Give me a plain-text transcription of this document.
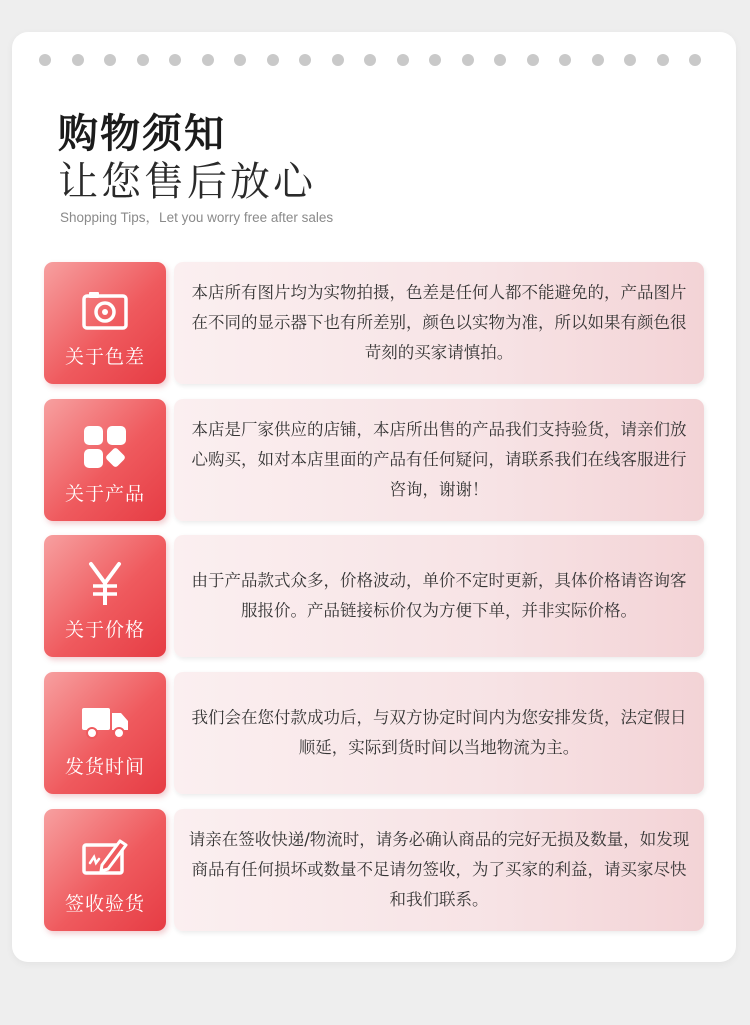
购物须知
让您售后放心
Shopping Tips，Let you worry free after sales
关于色差

本店所有图片均为实物拍摄，色差是任何人都不能避免的，产品图片在不同的显示器下也有所差别，颜色以实物为准，所以如果有颜色很苛刻的买家请慎拍。

关于产品

本店是厂家供应的店铺，本店所出售的产品我们支持验货，请亲们放心购买，如对本店里面的产品有任何疑问，请联系我们在线客服进行咨询，谢谢！

关于价格

由于产品款式众多，价格波动，单价不定时更新，具体价格请咨询客服报价。产品链接标价仅为方便下单，并非实际价格。

发货时间

我们会在您付款成功后，与双方协定时间内为您安排发货，法定假日顺延，实际到货时间以当地物流为主。

签收验货

请亲在签收快递/物流时，请务必确认商品的完好无损及数量，如发现商品有任何损坏或数量不足请勿签收，为了买家的利益，请买家尽快和我们联系。
